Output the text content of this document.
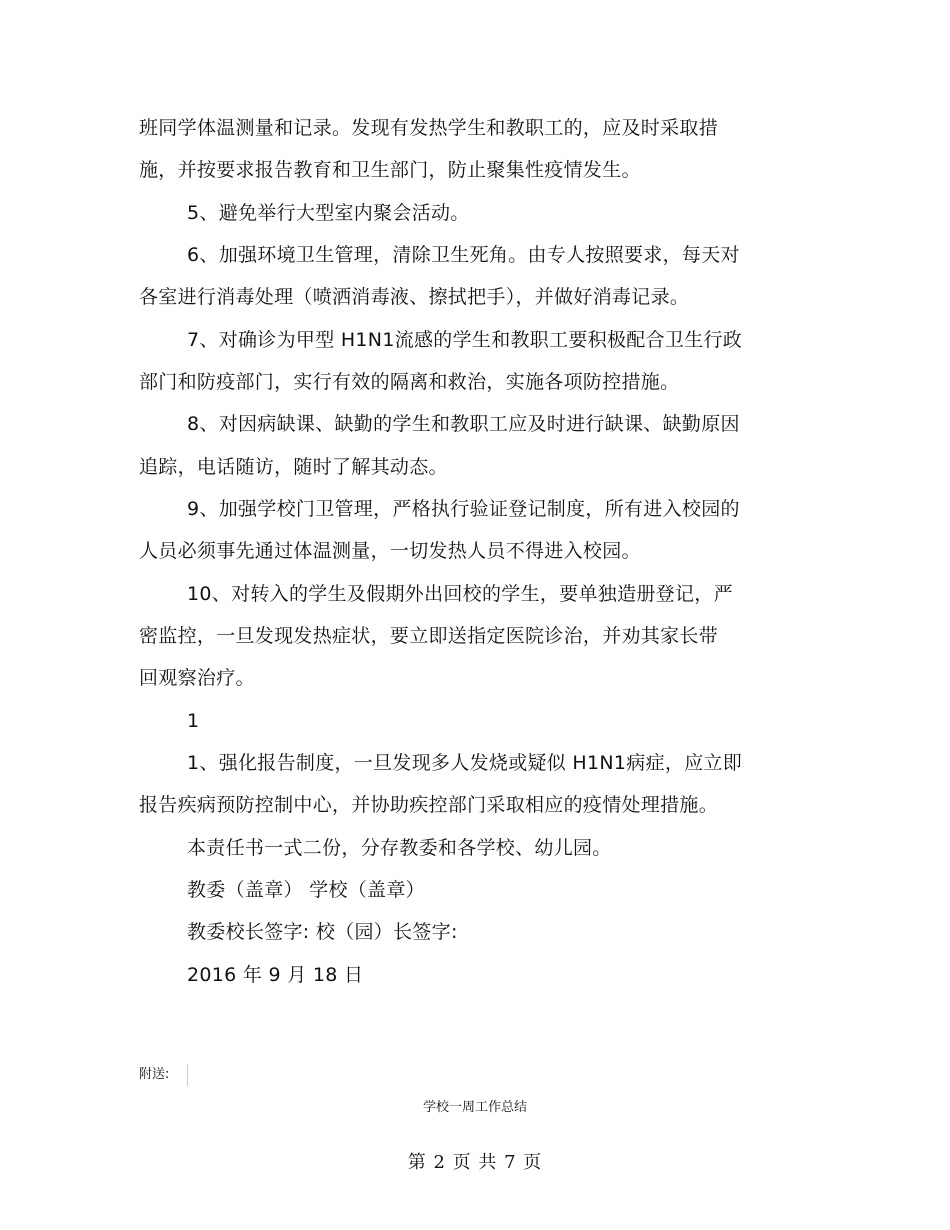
班同学体温测量和记录。发现有发热学生和教职工的，应及时采取措
施，并按要求报告教育和卫生部门，防止聚集性疫情发生。
5、避免举行大型室内聚会活动。
6、加强环境卫生管理，清除卫生死角。由专人按照要求，每天对
各室进行消毒处理（喷洒消毒液、擦拭把手），并做好消毒记录。
7、对确诊为甲型 H1N1流感的学生和教职工要积极配合卫生行政
部门和防疫部门，实行有效的隔离和救治，实施各项防控措施。
8、对因病缺课、缺勤的学生和教职工应及时进行缺课、缺勤原因
追踪，电话随访，随时了解其动态。
9、加强学校门卫管理，严格执行验证登记制度，所有进入校园的
人员必须事先通过体温测量，一切发热人员不得进入校园。
10、对转入的学生及假期外出回校的学生，要单独造册登记，严
密监控，一旦发现发热症状，要立即送指定医院诊治，并劝其家长带
回观察治疗。
1
1、强化报告制度，一旦发现多人发烧或疑似 H1N1病症，应立即
报告疾病预防控制中心，并协助疾控部门采取相应的疫情处理措施。
本责任书一式二份，分存教委和各学校、幼儿园。
教委（盖章） 学校（盖章）
教委校长签字: 校（园）长签字:
2016 年 9 月 18 日
附送:
学校一周工作总结
第 2 页 共 7 页
